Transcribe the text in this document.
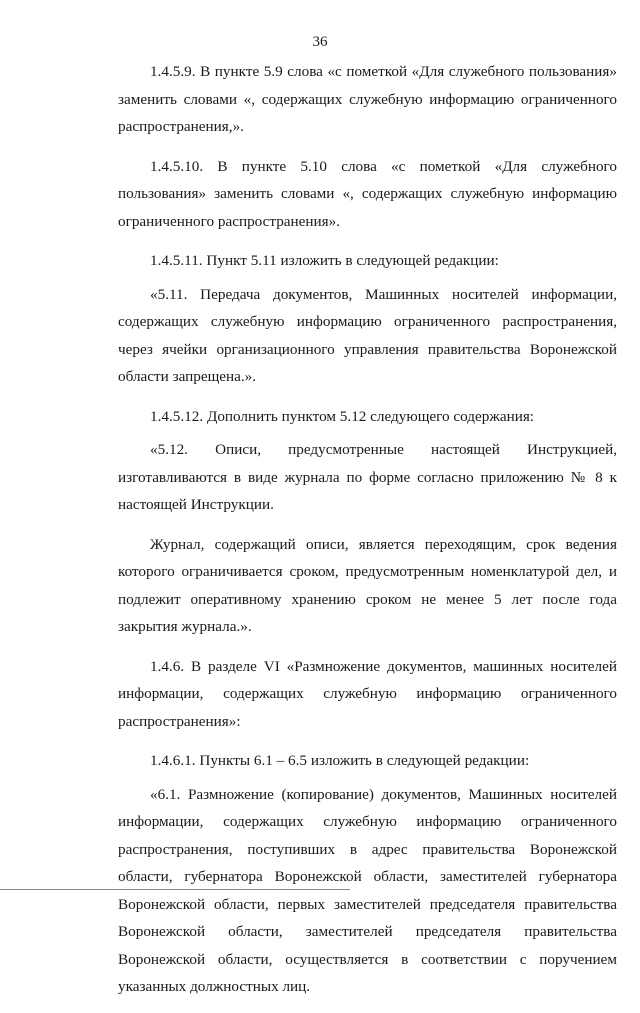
36

1.4.5.9. В пункте 5.9 слова «с пометкой «Для служебного пользования» заменить словами «, содержащих служебную информацию ограниченного распространения,».

1.4.5.10. В пункте 5.10 слова «с пометкой «Для служебного пользования» заменить словами «, содержащих служебную информацию ограниченного распространения».

1.4.5.11. Пункт 5.11 изложить в следующей редакции:

«5.11. Передача документов, Машинных носителей информации, содержащих служебную информацию ограниченного распространения, через ячейки организационного управления правительства Воронежской области запрещена.».

1.4.5.12. Дополнить пунктом 5.12 следующего содержания:

«5.12. Описи, предусмотренные настоящей Инструкцией, изготавливаются в виде журнала по форме согласно приложению № 8 к настоящей Инструкции.

Журнал, содержащий описи, является переходящим, срок ведения которого ограничивается сроком, предусмотренным номенклатурой дел, и подлежит оперативному хранению сроком не менее 5 лет после года закрытия журнала.».

1.4.6. В разделе VI «Размножение документов, машинных носителей информации, содержащих служебную информацию ограниченного распространения»:

1.4.6.1. Пункты 6.1 – 6.5 изложить в следующей редакции:

«6.1. Размножение (копирование) документов, Машинных носителей информации, содержащих служебную информацию ограниченного распространения, поступивших в адрес правительства Воронежской области, губернатора Воронежской области, заместителей губернатора Воронежской области, первых заместителей председателя правительства Воронежской области, заместителей председателя правительства Воронежской области, осуществляется в соответствии с поручением указанных должностных лиц.
